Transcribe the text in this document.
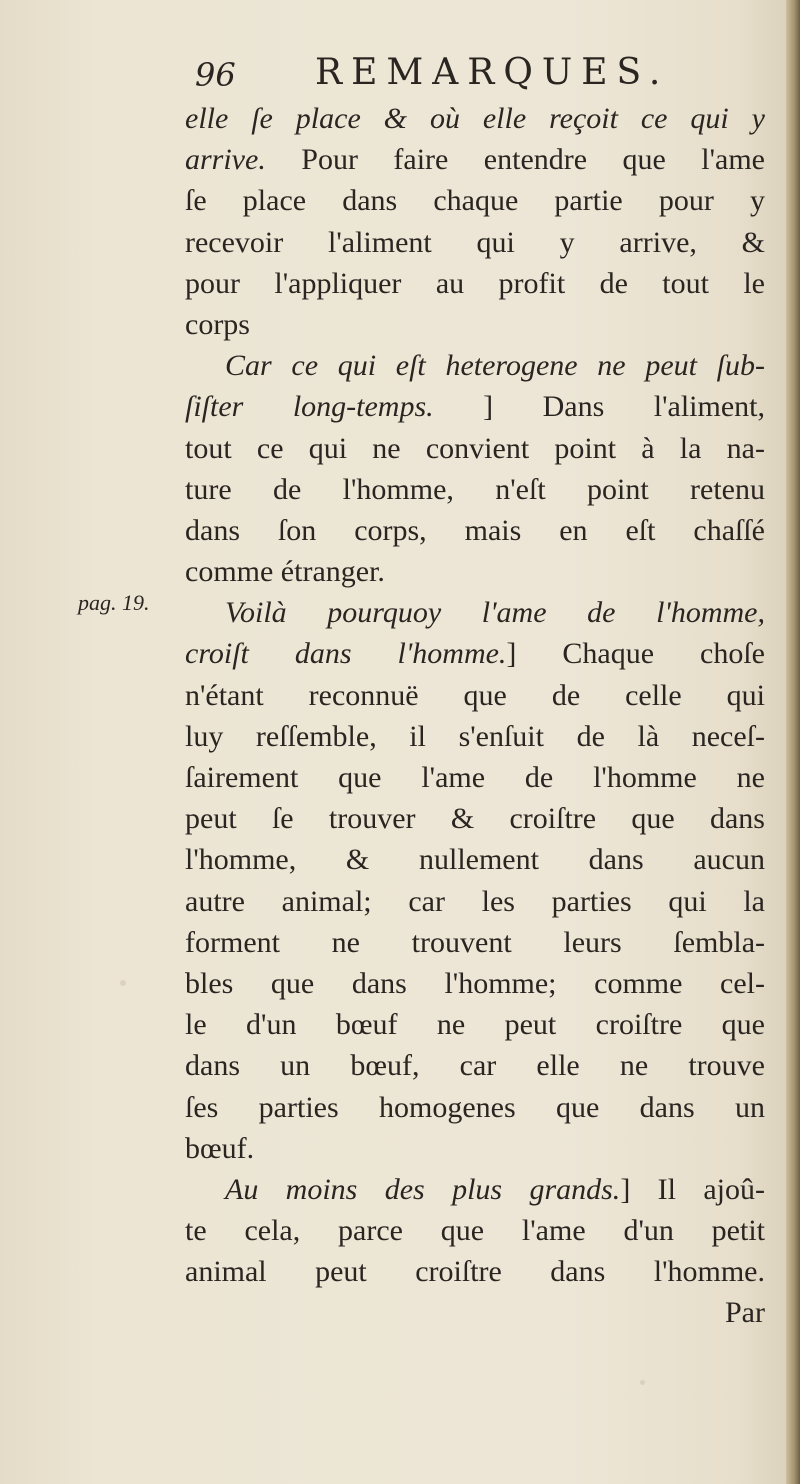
96 REMARQUES.
pag. 19.
elle ſe place & où elle reçoit ce qui y
arrive. Pour faire entendre que l'ame
ſe place dans chaque partie pour y
recevoir l'aliment qui y arrive, &
pour l'appliquer au profit de tout le
corps
Car ce qui eſt heterogene ne peut ſub-
ſiſter long-temps. ] Dans l'aliment,
tout ce qui ne convient point à la na-
ture de l'homme, n'eſt point retenu
dans ſon corps, mais en eſt chaſſé
comme étranger.
Voilà pourquoy l'ame de l'homme,
croiſt dans l'homme.] Chaque choſe
n'étant reconnuë que de celle qui
luy reſſemble, il s'enſuit de là neceſ-
ſairement que l'ame de l'homme ne
peut ſe trouver & croiſtre que dans
l'homme, & nullement dans aucun
autre animal; car les parties qui la
forment ne trouvent leurs ſembla-
bles que dans l'homme; comme cel-
le d'un bœuf ne peut croiſtre que
dans un bœuf, car elle ne trouve
ſes parties homogenes que dans un
bœuf.
Au moins des plus grands.] Il ajoû-
te cela, parce que l'ame d'un petit
animal peut croiſtre dans l'homme.
Par
